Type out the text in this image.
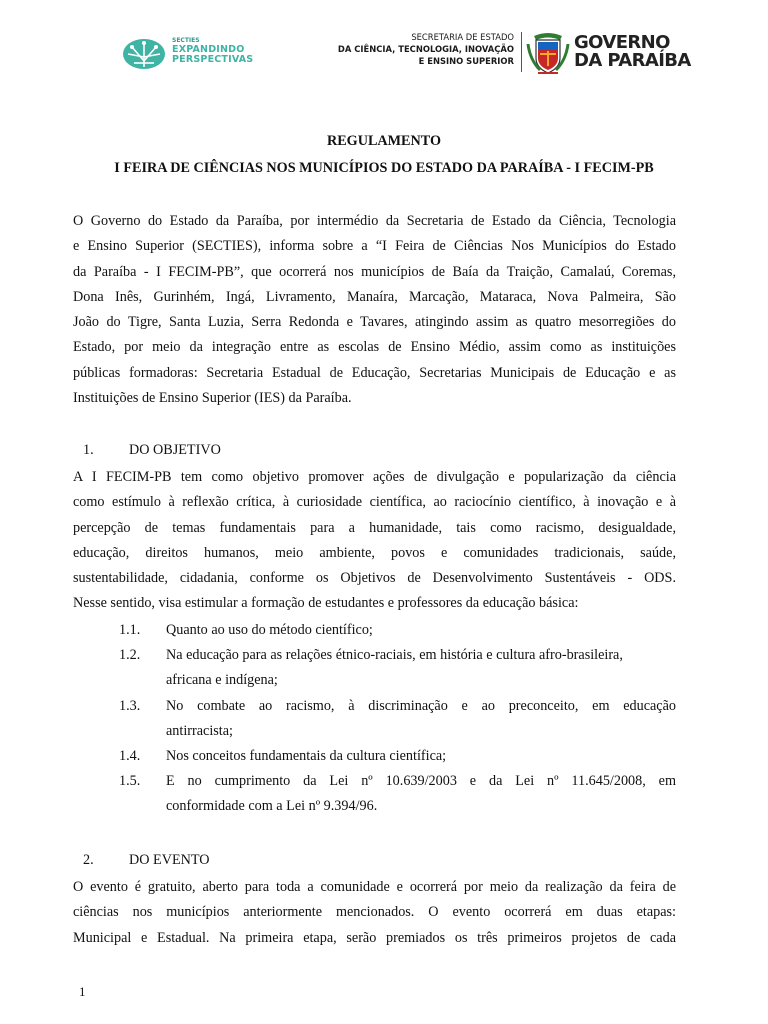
SECTIES
EXPANDINDO
PERSPECTIVAS
SECRETARIA DE ESTADO
DA CIÊNCIA, TECNOLOGIA, INOVAÇÃO
E ENSINO SUPERIOR
GOVERNO
DA PARAÍBA
REGULAMENTO
I FEIRA DE CIÊNCIAS NOS MUNICÍPIOS DO ESTADO DA PARAÍBA - I FECIM-PB
O Governo do Estado da Paraíba, por intermédio da Secretaria de Estado da Ciência, Tecnologia
e Ensino Superior (SECTIES), informa sobre a “I Feira de Ciências Nos Municípios do Estado
da Paraíba - I FECIM-PB”, que ocorrerá nos municípios de Baía da Traição, Camalaú, Coremas,
Dona Inês, Gurinhém, Ingá, Livramento, Manaíra, Marcação, Mataraca, Nova Palmeira, São
João do Tigre, Santa Luzia, Serra Redonda e Tavares, atingindo assim as quatro mesorregiões do
Estado, por meio da integração entre as escolas de Ensino Médio, assim como as instituições
públicas formadoras: Secretaria Estadual de Educação, Secretarias Municipais de Educação e as
Instituições de Ensino Superior (IES) da Paraíba.
1. DO OBJETIVO
A I FECIM-PB tem como objetivo promover ações de divulgação e popularização da ciência
como estímulo à reflexão crítica, à curiosidade científica, ao raciocínio científico, à inovação e à
percepção de temas fundamentais para a humanidade, tais como racismo, desigualdade,
educação, direitos humanos, meio ambiente, povos e comunidades tradicionais, saúde,
sustentabilidade, cidadania, conforme os Objetivos de Desenvolvimento Sustentáveis - ODS.
Nesse sentido, visa estimular a formação de estudantes e professores da educação básica:
1.1. Quanto ao uso do método científico;
1.2. Na educação para as relações étnico-raciais, em história e cultura afro-brasileira,
africana e indígena;
1.3. No combate ao racismo, à discriminação e ao preconceito, em educação
antirracista;
1.4. Nos conceitos fundamentais da cultura científica;
1.5. E no cumprimento da Lei nº 10.639/2003 e da Lei nº 11.645/2008, em
conformidade com a Lei nº 9.394/96.
2. DO EVENTO
O evento é gratuito, aberto para toda a comunidade e ocorrerá por meio da realização da feira de
ciências nos municípios anteriormente mencionados. O evento ocorrerá em duas etapas:
Municipal e Estadual. Na primeira etapa, serão premiados os três primeiros projetos de cada
1
